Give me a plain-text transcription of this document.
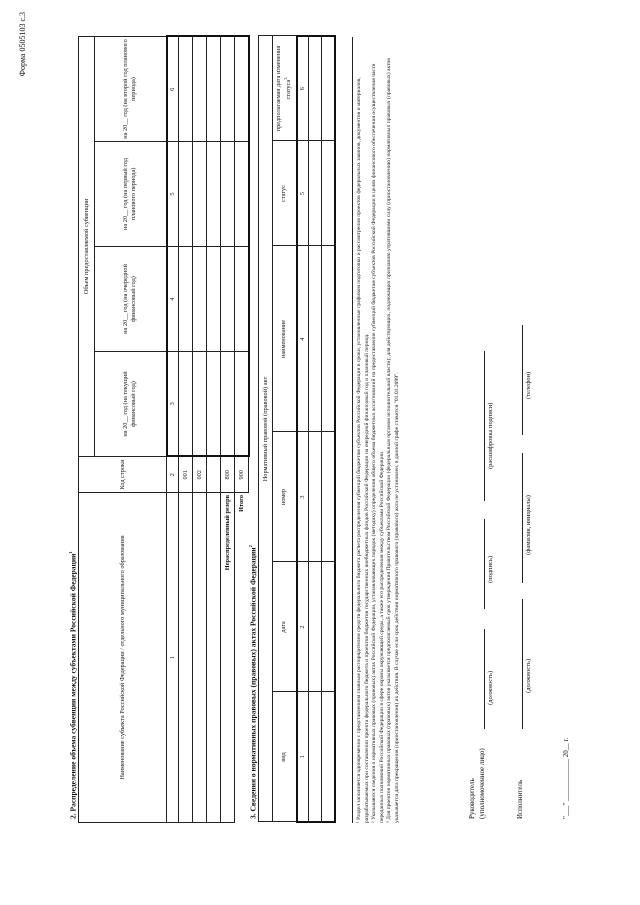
Форма 0505103 с.3
2. Распределение объема субвенции между субъектами Российской Федерации$^1$	Наименование субъекта Российской Федерации / отдельного муниципального образования	Код строки	Объем предоставляемой субвенции			
		на 20__ год (на текущий финансовый год)	на 20__ год (на очередной финансовый год)	на 20__ год (на первый год планового периода)	на 20__ год (на второй год планового периода)
1	2	3	4	5	6
	001				
	002				

Нераспределенный резерв	800				
Итого	900				
3. Сведения о нормативных правовых (правовых) актах Российской Федерации$^2$
Нормативный правовой (правовой) акт					
вид	дата	номер	наименование	статус	предполагаемая дата изменения статуса$^3$
1	2	3	4	5	6

						¹ Раздел заполняется одновременно с представлением главным распорядителем средств федерального бюджета расчета распределения субвенций бюджетам субъектов Российской Федерации в сроки, установленные графиком подготовки и рассмотрения проектов федеральных законов, документов и материалов, разрабатываемых при составлении проекта федерального бюджета и проектов бюджетов государственных внебюджетных фондов Российской Федерации на очередной финансовый год и плановый период. ² Указываются сведения о нормативных правовых (правовых) актах Российской Федерации, устанавливающих порядок (методику) определения общего объема бюджетных ассигнований на предоставление субвенций бюджетам субъектов Российской Федерации в целях финансового обеспечения осуществления части переданных полномочий Российской Федерации в сфере охраны окружающей среды, а также его распределения между субъектами Российской Федерации. ³ Для проектов нормативных правовых (правовых) актов указывается предполагаемый срок утверждения Правительством Российской Федерации (федеральным органом исполнительной власти); для действующих, подлежащих признанию утратившими силу (приостановлению) нормативных правовых (правовых) актов указывается дата прекращения (приостановления) их действия. В случае если срок действия нормативного правового (правового) акта не установлен, в данной графе ставится "01.01.2099".	Руководитель (уполномоченное лицо)
(должность)
(подпись)
(расшифровка подписи)
Исполнитель
(должность)
(фамилия, инициалы)
(телефон)
"___" ____________ 20__ г.
